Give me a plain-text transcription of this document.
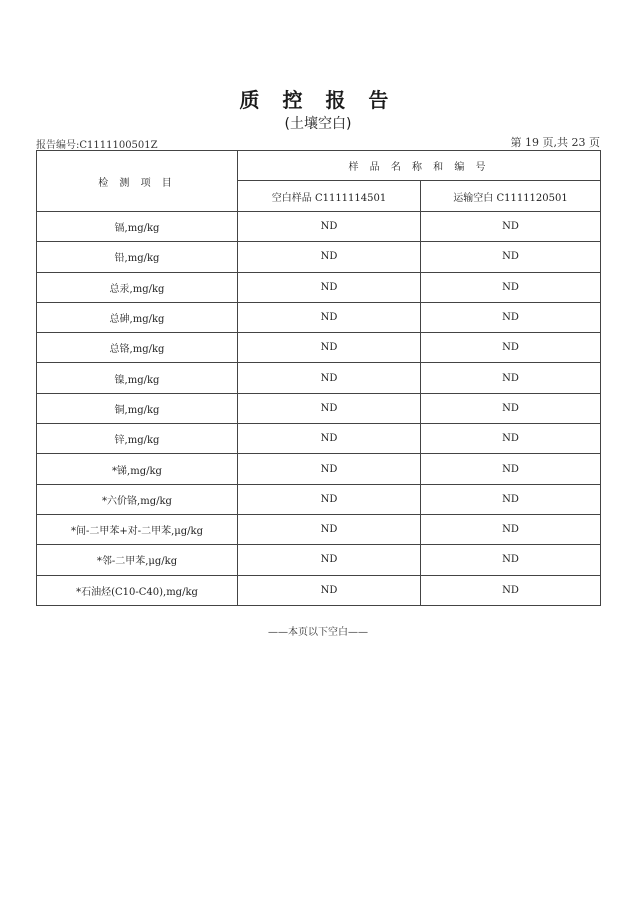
质 控 报 告
(土壤空白)
报告编号:C1111100501Z	第 19 页,共 23 页
检 测 项 目	样 品 名 称 和 编 号	
	空白样品 C1111114501	运输空白 C1111120501
镉,mg/kg	ND	ND
铅,mg/kg	ND	ND
总汞,mg/kg	ND	ND
总砷,mg/kg	ND	ND
总铬,mg/kg	ND	ND
镍,mg/kg	ND	ND
铜,mg/kg	ND	ND
锌,mg/kg	ND	ND
*锑,mg/kg	ND	ND
*六价铬,mg/kg	ND	ND
*间-二甲苯+对-二甲苯,μg/kg	ND	ND
*邻-二甲苯,μg/kg	ND	ND
*石油烃(C10-C40),mg/kg	ND	ND
——本页以下空白——
